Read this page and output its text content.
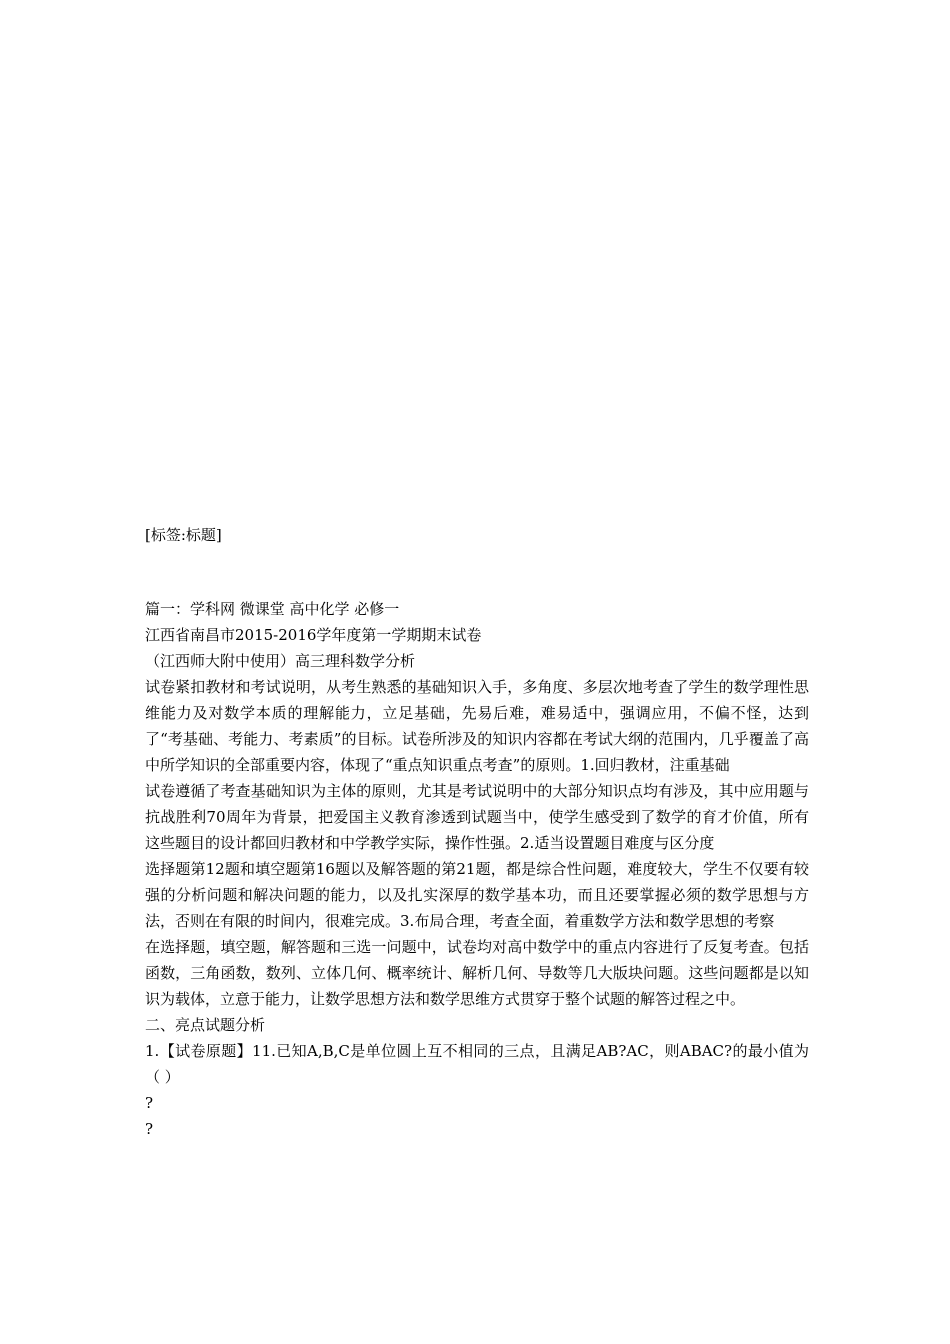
[标签:标题]

篇一：学科网 微课堂 高中化学 必修一

江西省南昌市2015-2016学年度第一学期期末试卷

（江西师大附中使用）高三理科数学分析

试卷紧扣教材和考试说明，从考生熟悉的基础知识入手，多角度、多层次地考查了学生的数学理性思维能力及对数学本质的理解能力，立足基础，先易后难，难易适中，强调应用，不偏不怪，达到了“考基础、考能力、考素质”的目标。试卷所涉及的知识内容都在考试大纲的范围内，几乎覆盖了高中所学知识的全部重要内容，体现了“重点知识重点考查”的原则。1.回归教材，注重基础

试卷遵循了考查基础知识为主体的原则，尤其是考试说明中的大部分知识点均有涉及，其中应用题与抗战胜利70周年为背景，把爱国主义教育渗透到试题当中，使学生感受到了数学的育才价值，所有这些题目的设计都回归教材和中学教学实际，操作性强。2.适当设置题目难度与区分度

选择题第12题和填空题第16题以及解答题的第21题，都是综合性问题，难度较大，学生不仅要有较强的分析问题和解决问题的能力，以及扎实深厚的数学基本功，而且还要掌握必须的数学思想与方法，否则在有限的时间内，很难完成。3.布局合理，考查全面，着重数学方法和数学思想的考察

在选择题，填空题，解答题和三选一问题中，试卷均对高中数学中的重点内容进行了反复考查。包括函数，三角函数，数列、立体几何、概率统计、解析几何、导数等几大版块问题。这些问题都是以知识为载体，立意于能力，让数学思想方法和数学思维方式贯穿于整个试题的解答过程之中。

二、亮点试题分析

1.【试卷原题】11.已知A,B,C是单位圆上互不相同的三点，且满足AB?AC，则ABAC?的最小值为（ ）

?

?
